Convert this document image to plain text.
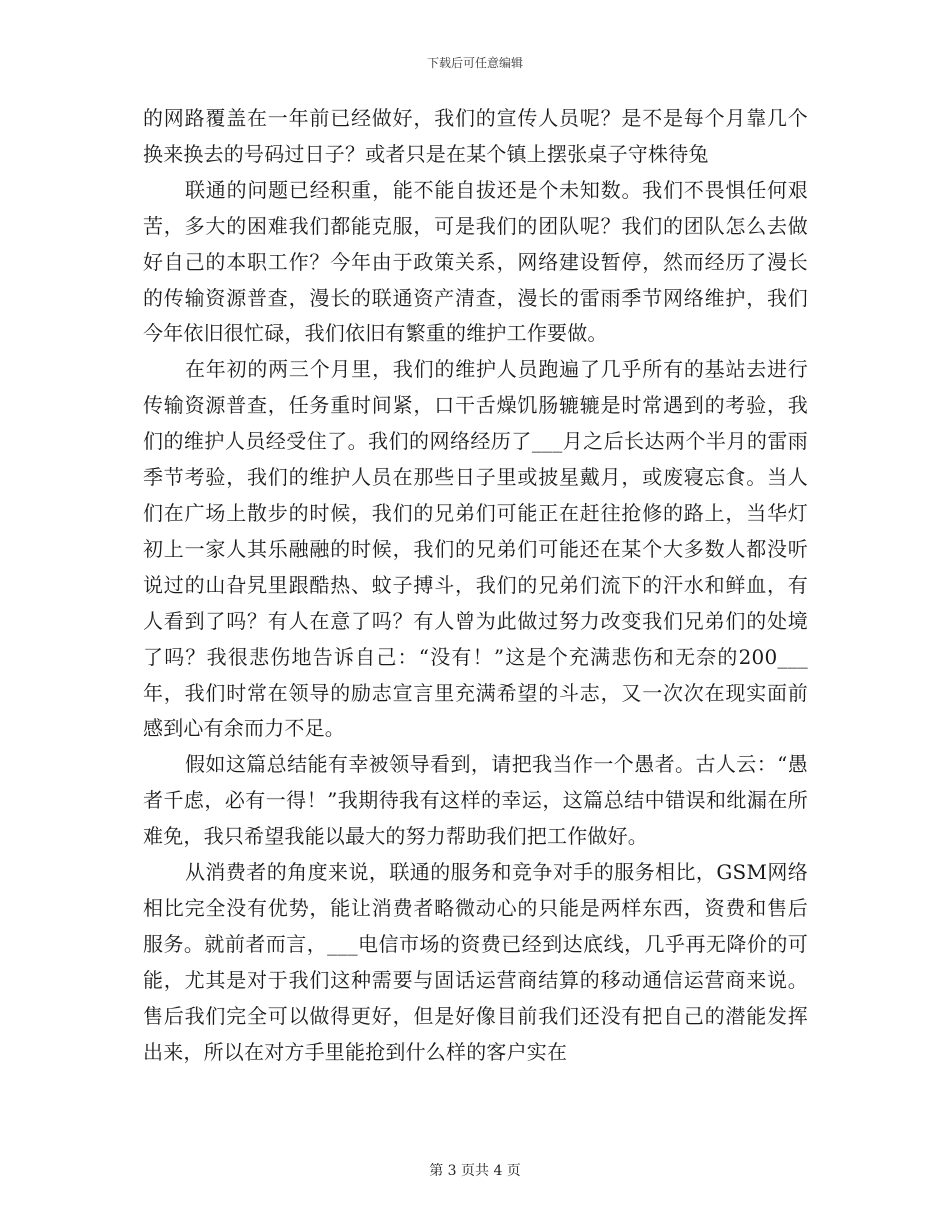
下载后可任意编辑

的网路覆盖在一年前已经做好，我们的宣传人员呢？是不是每个月靠几个换来换去的号码过日子？或者只是在某个镇上摆张桌子守株待兔

联通的问题已经积重，能不能自拔还是个未知数。我们不畏惧任何艰苦，多大的困难我们都能克服，可是我们的团队呢？我们的团队怎么去做好自己的本职工作？今年由于政策关系，网络建设暂停，然而经历了漫长的传输资源普查，漫长的联通资产清查，漫长的雷雨季节网络维护，我们今年依旧很忙碌，我们依旧有繁重的维护工作要做。

在年初的两三个月里，我们的维护人员跑遍了几乎所有的基站去进行传输资源普查，任务重时间紧，口干舌燥饥肠辘辘是时常遇到的考验，我们的维护人员经受住了。我们的网络经历了___月之后长达两个半月的雷雨季节考验，我们的维护人员在那些日子里或披星戴月，或废寝忘食。当人们在广场上散步的时候，我们的兄弟们可能正在赶往抢修的路上，当华灯初上一家人其乐融融的时候，我们的兄弟们可能还在某个大多数人都没听说过的山旮旯里跟酷热、蚊子搏斗，我们的兄弟们流下的汗水和鲜血，有人看到了吗？有人在意了吗？有人曾为此做过努力改变我们兄弟们的处境了吗？我很悲伤地告诉自己：“没有！”这是个充满悲伤和无奈的200___年，我们时常在领导的励志宣言里充满希望的斗志，又一次次在现实面前感到心有余而力不足。

假如这篇总结能有幸被领导看到，请把我当作一个愚者。古人云：“愚者千虑，必有一得！”我期待我有这样的幸运，这篇总结中错误和纰漏在所难免，我只希望我能以最大的努力帮助我们把工作做好。

从消费者的角度来说，联通的服务和竞争对手的服务相比，GSM网络相比完全没有优势，能让消费者略微动心的只能是两样东西，资费和售后服务。就前者而言，___电信市场的资费已经到达底线，几乎再无降价的可能，尤其是对于我们这种需要与固话运营商结算的移动通信运营商来说。售后我们完全可以做得更好，但是好像目前我们还没有把自己的潜能发挥出来，所以在对方手里能抢到什么样的客户实在

第 3 页共 4 页
